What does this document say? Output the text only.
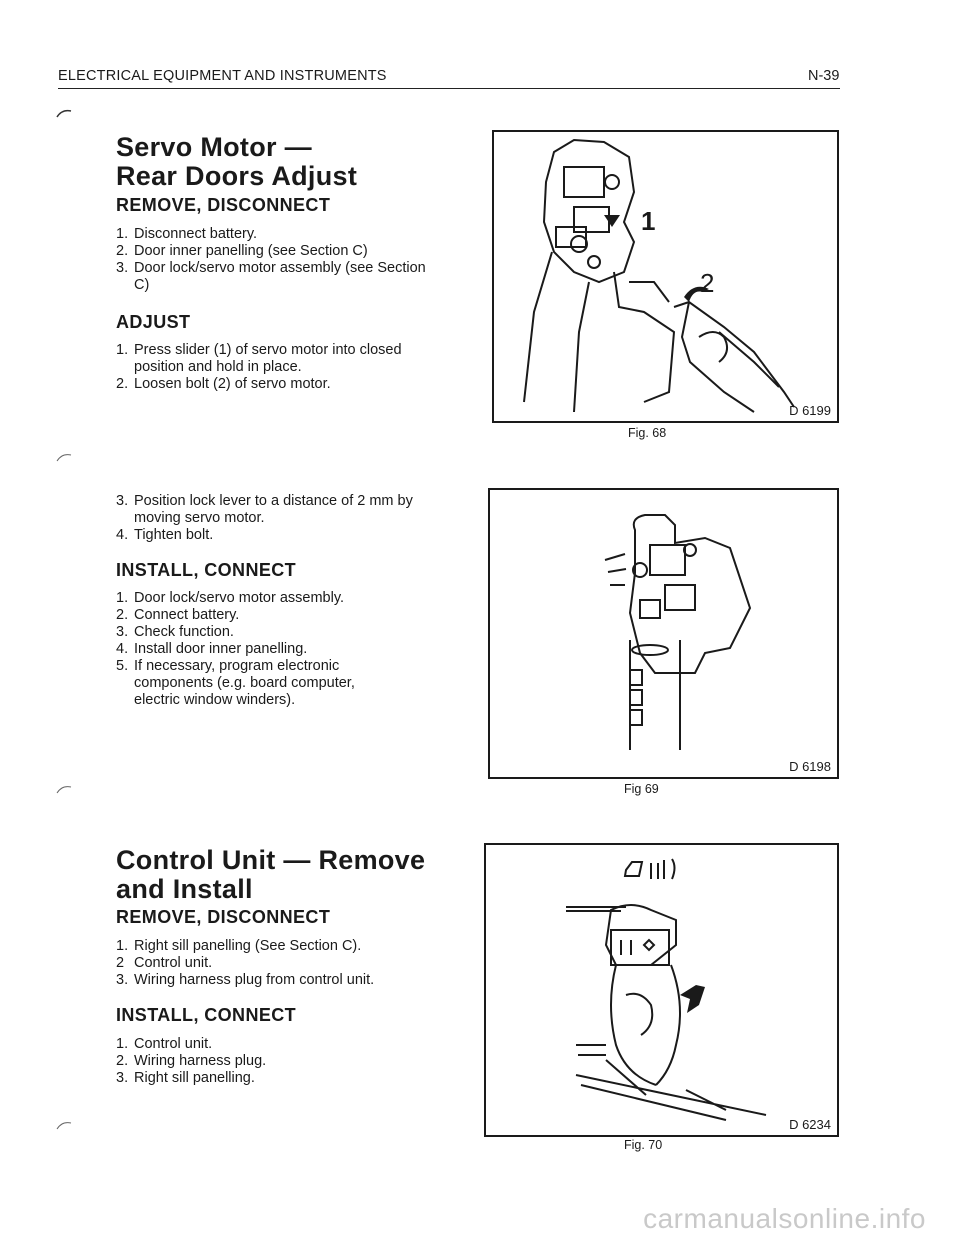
ELECTRICAL EQUIPMENT AND INSTRUMENTS	N-39
Servo Motor —
Rear Doors Adjust
REMOVE, DISCONNECT
1. Disconnect battery.
2. Door inner panelling (see Section C)
3. Door lock/servo motor assembly (see Section C)
ADJUST
1. Press slider (1) of servo motor into closed position and hold in place.
2. Loosen bolt (2) of servo motor.
3. Position lock lever to a distance of 2 mm by moving servo motor.
4. Tighten bolt.
INSTALL, CONNECT
1. Door lock/servo motor assembly.
2. Connect battery.
3. Check function.
4. Install door inner panelling.
5. If necessary, program electronic components (e.g. board computer, electric window winders).
Control Unit — Remove
and Install
REMOVE, DISCONNECT
1. Right sill panelling (See Section C).
2 Control unit.
3. Wiring harness plug from control unit.
INSTALL, CONNECT
1. Control unit.
2. Wiring harness plug.
3. Right sill panelling.
1
2
D 6199
Fig. 68
D 6198
Fig 69
D 6234
Fig. 70
carmanualsonline.info
